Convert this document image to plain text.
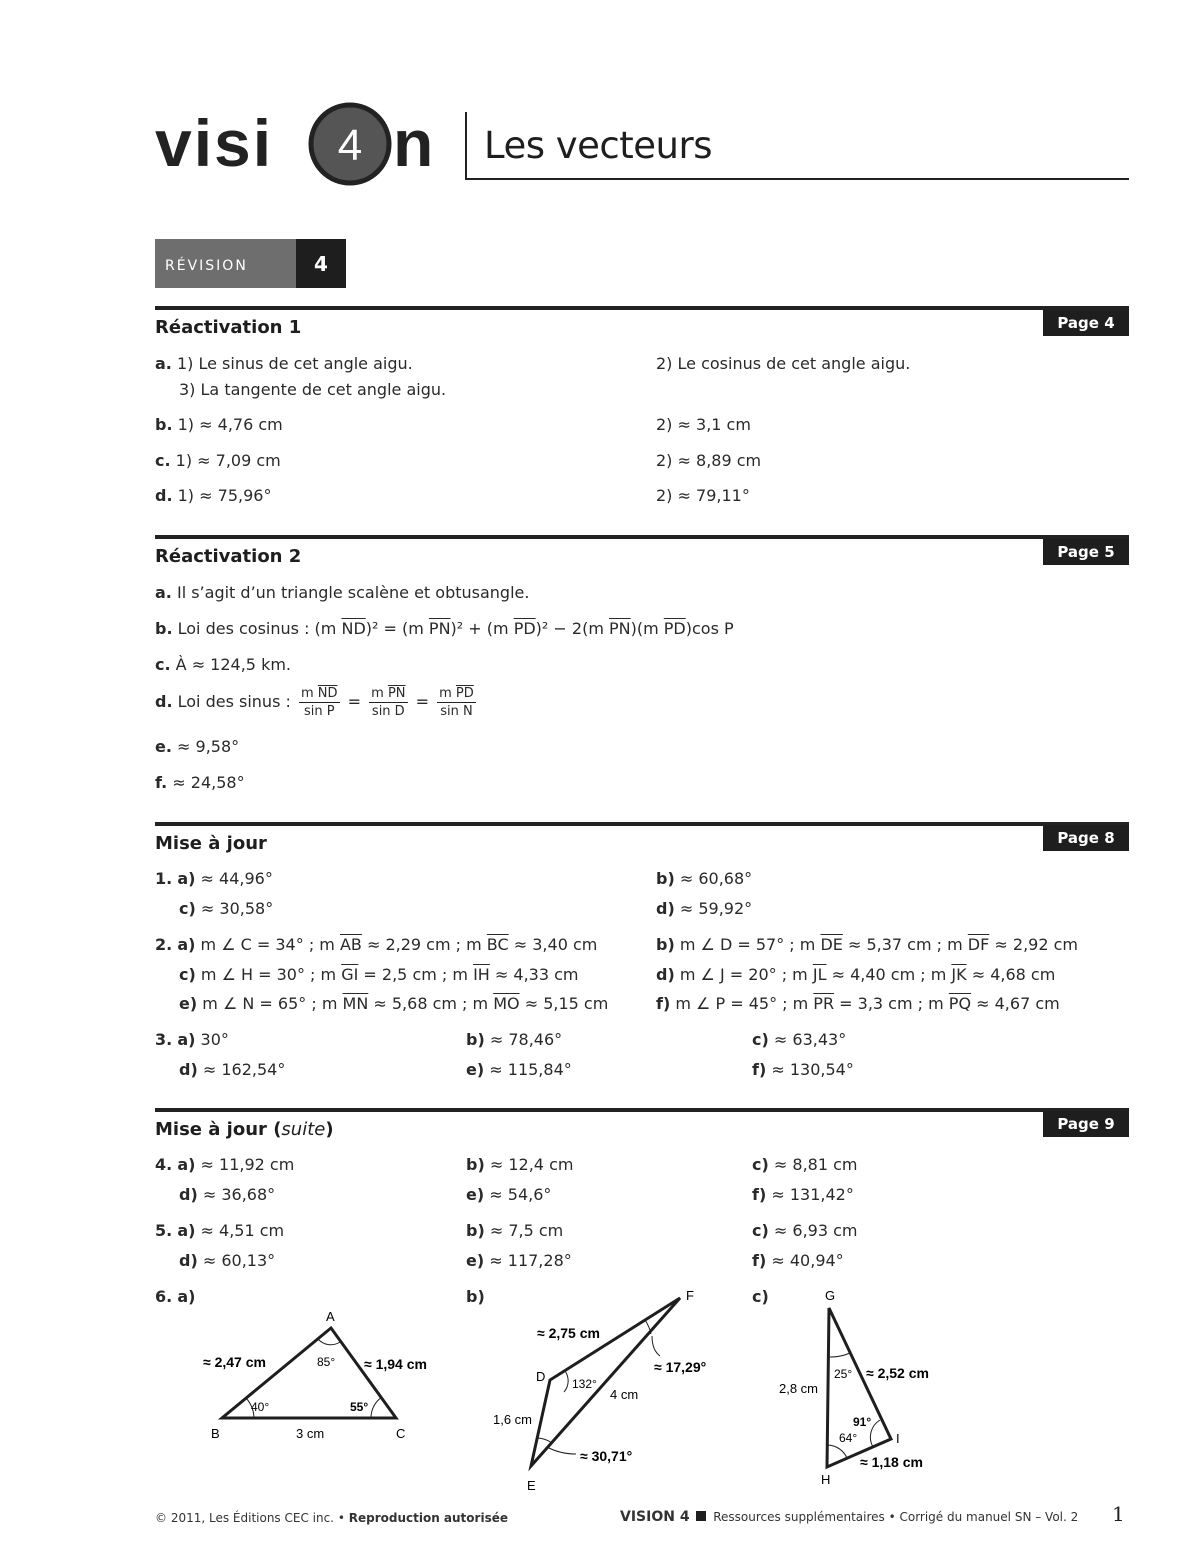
visi 4 n Les vecteurs
RÉVISION	4
Réactivation 1	Page 4
a. 1) Le sinus de cet angle aigu.	2) Le cosinus de cet angle aigu.
3) La tangente de cet angle aigu.
b. 1) ≈ 4,76 cm	2) ≈ 3,1 cm
c. 1) ≈ 7,09 cm	2) ≈ 8,89 cm
d. 1) ≈ 75,96°	2) ≈ 79,11°
Réactivation 2	Page 5
a. Il s’agit d’un triangle scalène et obtusangle.
b. Loi des cosinus : (m $\overline{ND})^2 = (m$ $\overline{PN})^2 + (m$ $\overline{PD})^2 - 2(m$ $\overline{PN})(m$ $\overline{PD})\cos$ P
c. À ≈ 124,5 km.
d. Loi des sinus : $\frac{m \overline{ND}}{\text{sin P}} = \frac{m \overline{PN}}{\text{sin D}} = \frac{m \overline{PD}}{\text{sin N}}$
e. ≈ 9,58°
f. ≈ 24,58°
Mise à jour	Page 8
1. a) ≈ 44,96°	b) ≈ 60,68°
c) ≈ 30,58°	d) ≈ 59,92°
2. a) m ∠ C = 34° ; m $\overline{AB} \approx 2,29$ cm ; m $\overline{BC} \approx 3,40$ cm	b) m ∠ D = 57° ; m $\overline{DE} \approx 5,37$ cm ; m $\overline{DF} \approx 2,92$ cm
c) m ∠ H = 30° ; m $\overline{GI} = 2,5$ cm ; m $\overline{IH} \approx 4,33$ cm	d) m ∠ J = 20° ; m $\overline{JL} \approx 4,40$ cm ; m $\overline{JK} \approx 4,68$ cm
e) m ∠ N = 65° ; m $\overline{MN} \approx 5,68$ cm ; m $\overline{MO} \approx 5,15$ cm	f) m ∠ P = 45° ; m $\overline{PR} = 3,3$ cm ; m $\overline{PQ} \approx 4,67$ cm
3. a) 30°	b) ≈ 78,46°	c) ≈ 63,43°
d) ≈ 162,54°	e) ≈ 115,84°	f) ≈ 130,54°
Mise à jour (suite)	Page 9
4. a) ≈ 11,92 cm	b) ≈ 12,4 cm	c) ≈ 8,81 cm
d) ≈ 36,68°	e) ≈ 54,6°	f) ≈ 131,42°
5. a) ≈ 4,51 cm	b) ≈ 7,5 cm	c) ≈ 6,93 cm
d) ≈ 60,13°	e) ≈ 117,28°	f) ≈ 40,94°
6. a)	b)	c)
A
B	C
≈ 2,47 cm	≈ 1,94 cm
3 cm
85°
40°	55°
D
E
F
≈ 2,75 cm
1,6 cm
4 cm
132°
≈ 17,29°
≈ 30,71°
G
H
I
2,8 cm
≈ 2,52 cm
≈ 1,18 cm
25°
91°
64°
© 2011, Les Éditions CEC inc. • Reproduction autorisée	VISION 4 Ressources supplémentaires • Corrigé du manuel SN – Vol. 2 1
